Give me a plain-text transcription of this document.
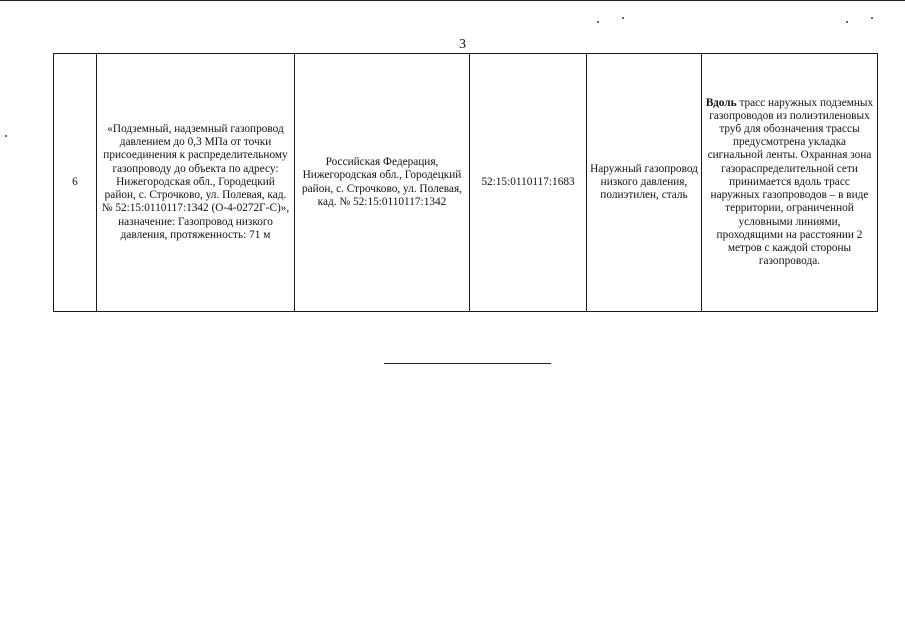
3
6	«Подземный, надземный газопровод давлением до 0,3 МПа от точки присоединения к распределительному газопроводу до объекта по адресу: Нижегородская обл., Городецкий район, с. Строчково, ул. Полевая, кад. № 52:15:0110117:1342 (О-4-0272Г-С)», назначение: Газопровод низкого давления, протяженность: 71 м	Российская Федерация, Нижегородская обл., Городецкий район, с. Строчково, ул. Полевая, кад. № 52:15:0110117:1342	52:15:0110117:1683	Наружный газопровод низкого давления, полиэтилен, сталь	Вдоль трасс наружных подземных газопроводов из полиэтиленовых труб для обозначения трассы предусмотрена укладка сигнальной ленты. Охранная зона газораспределительной сети принимается вдоль трасс наружных газопроводов – в виде территории, ограниченной условными линиями, проходящими на расстоянии 2 метров с каждой стороны газопровода.
